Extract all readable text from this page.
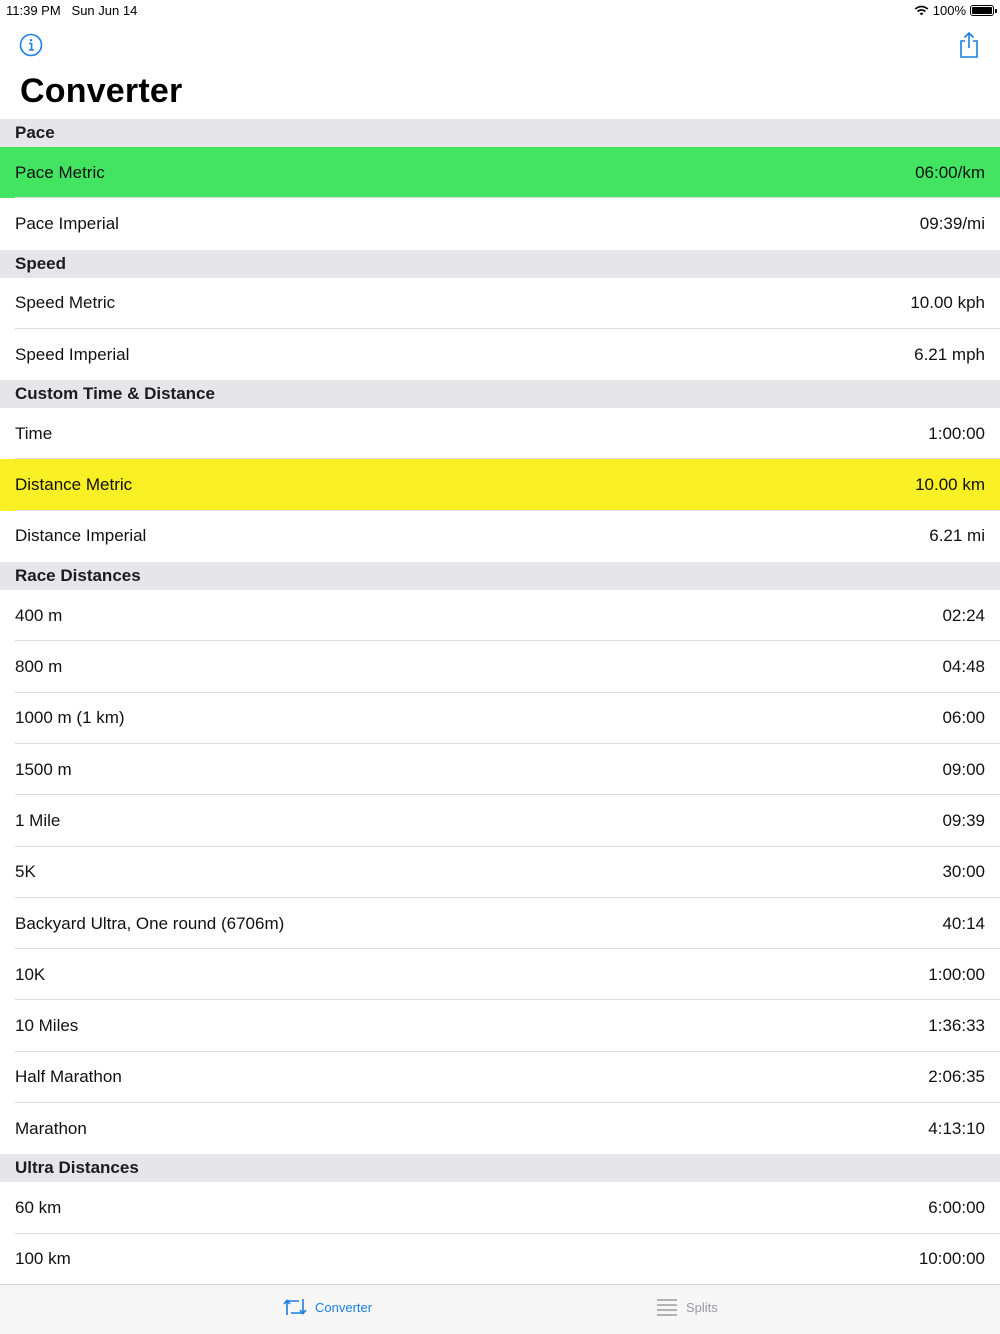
11:39 PM Sun Jun 14	100%
Converter
Pace
Pace Metric	06:00/km
Pace Imperial	09:39/mi
Speed
Speed Metric	10.00 kph
Speed Imperial	6.21 mph
Custom Time & Distance
Time	1:00:00
Distance Metric	10.00 km
Distance Imperial	6.21 mi
Race Distances
400 m	02:24
800 m	04:48
1000 m (1 km)	06:00
1500 m	09:00
1 Mile	09:39
5K	30:00
Backyard Ultra, One round (6706m)	40:14
10K	1:00:00
10 Miles	1:36:33
Half Marathon	2:06:35
Marathon	4:13:10
Ultra Distances
60 km	6:00:00
100 km	10:00:00
Converter	Splits
